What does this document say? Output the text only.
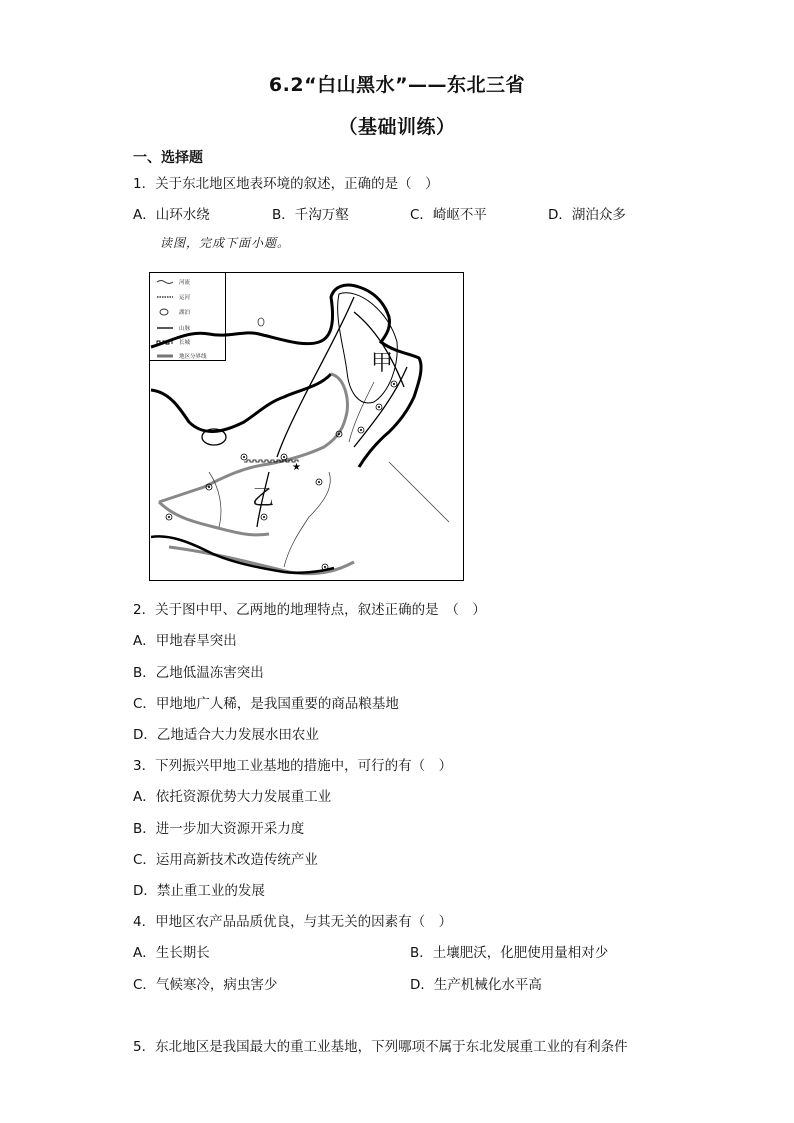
6.2“白山黑水”——东北三省
（基础训练）
一、选择题
1．关于东北地区地表环境的叙述，正确的是（　）
A．山环水绕	B．千沟万壑	C．崎岖不平	D．湖泊众多
读图，完成下面小题。
河流
运河
湖泊
山脉
长城
地区分界线
★
甲
乙
2．关于图中甲、乙两地的地理特点，叙述正确的是　（　）
A．甲地春旱突出
B．乙地低温冻害突出
C．甲地地广人稀，是我国重要的商品粮基地
D．乙地适合大力发展水田农业
3．下列振兴甲地工业基地的措施中，可行的有（　）
A．依托资源优势大力发展重工业
B．进一步加大资源开采力度
C．运用高新技术改造传统产业
D．禁止重工业的发展
4．甲地区农产品品质优良，与其无关的因素有（　）
A．生长期长	B．土壤肥沃，化肥使用量相对少
C．气候寒冷，病虫害少	D．生产机械化水平高
5．东北地区是我国最大的重工业基地，下列哪项不属于东北发展重工业的有利条件
